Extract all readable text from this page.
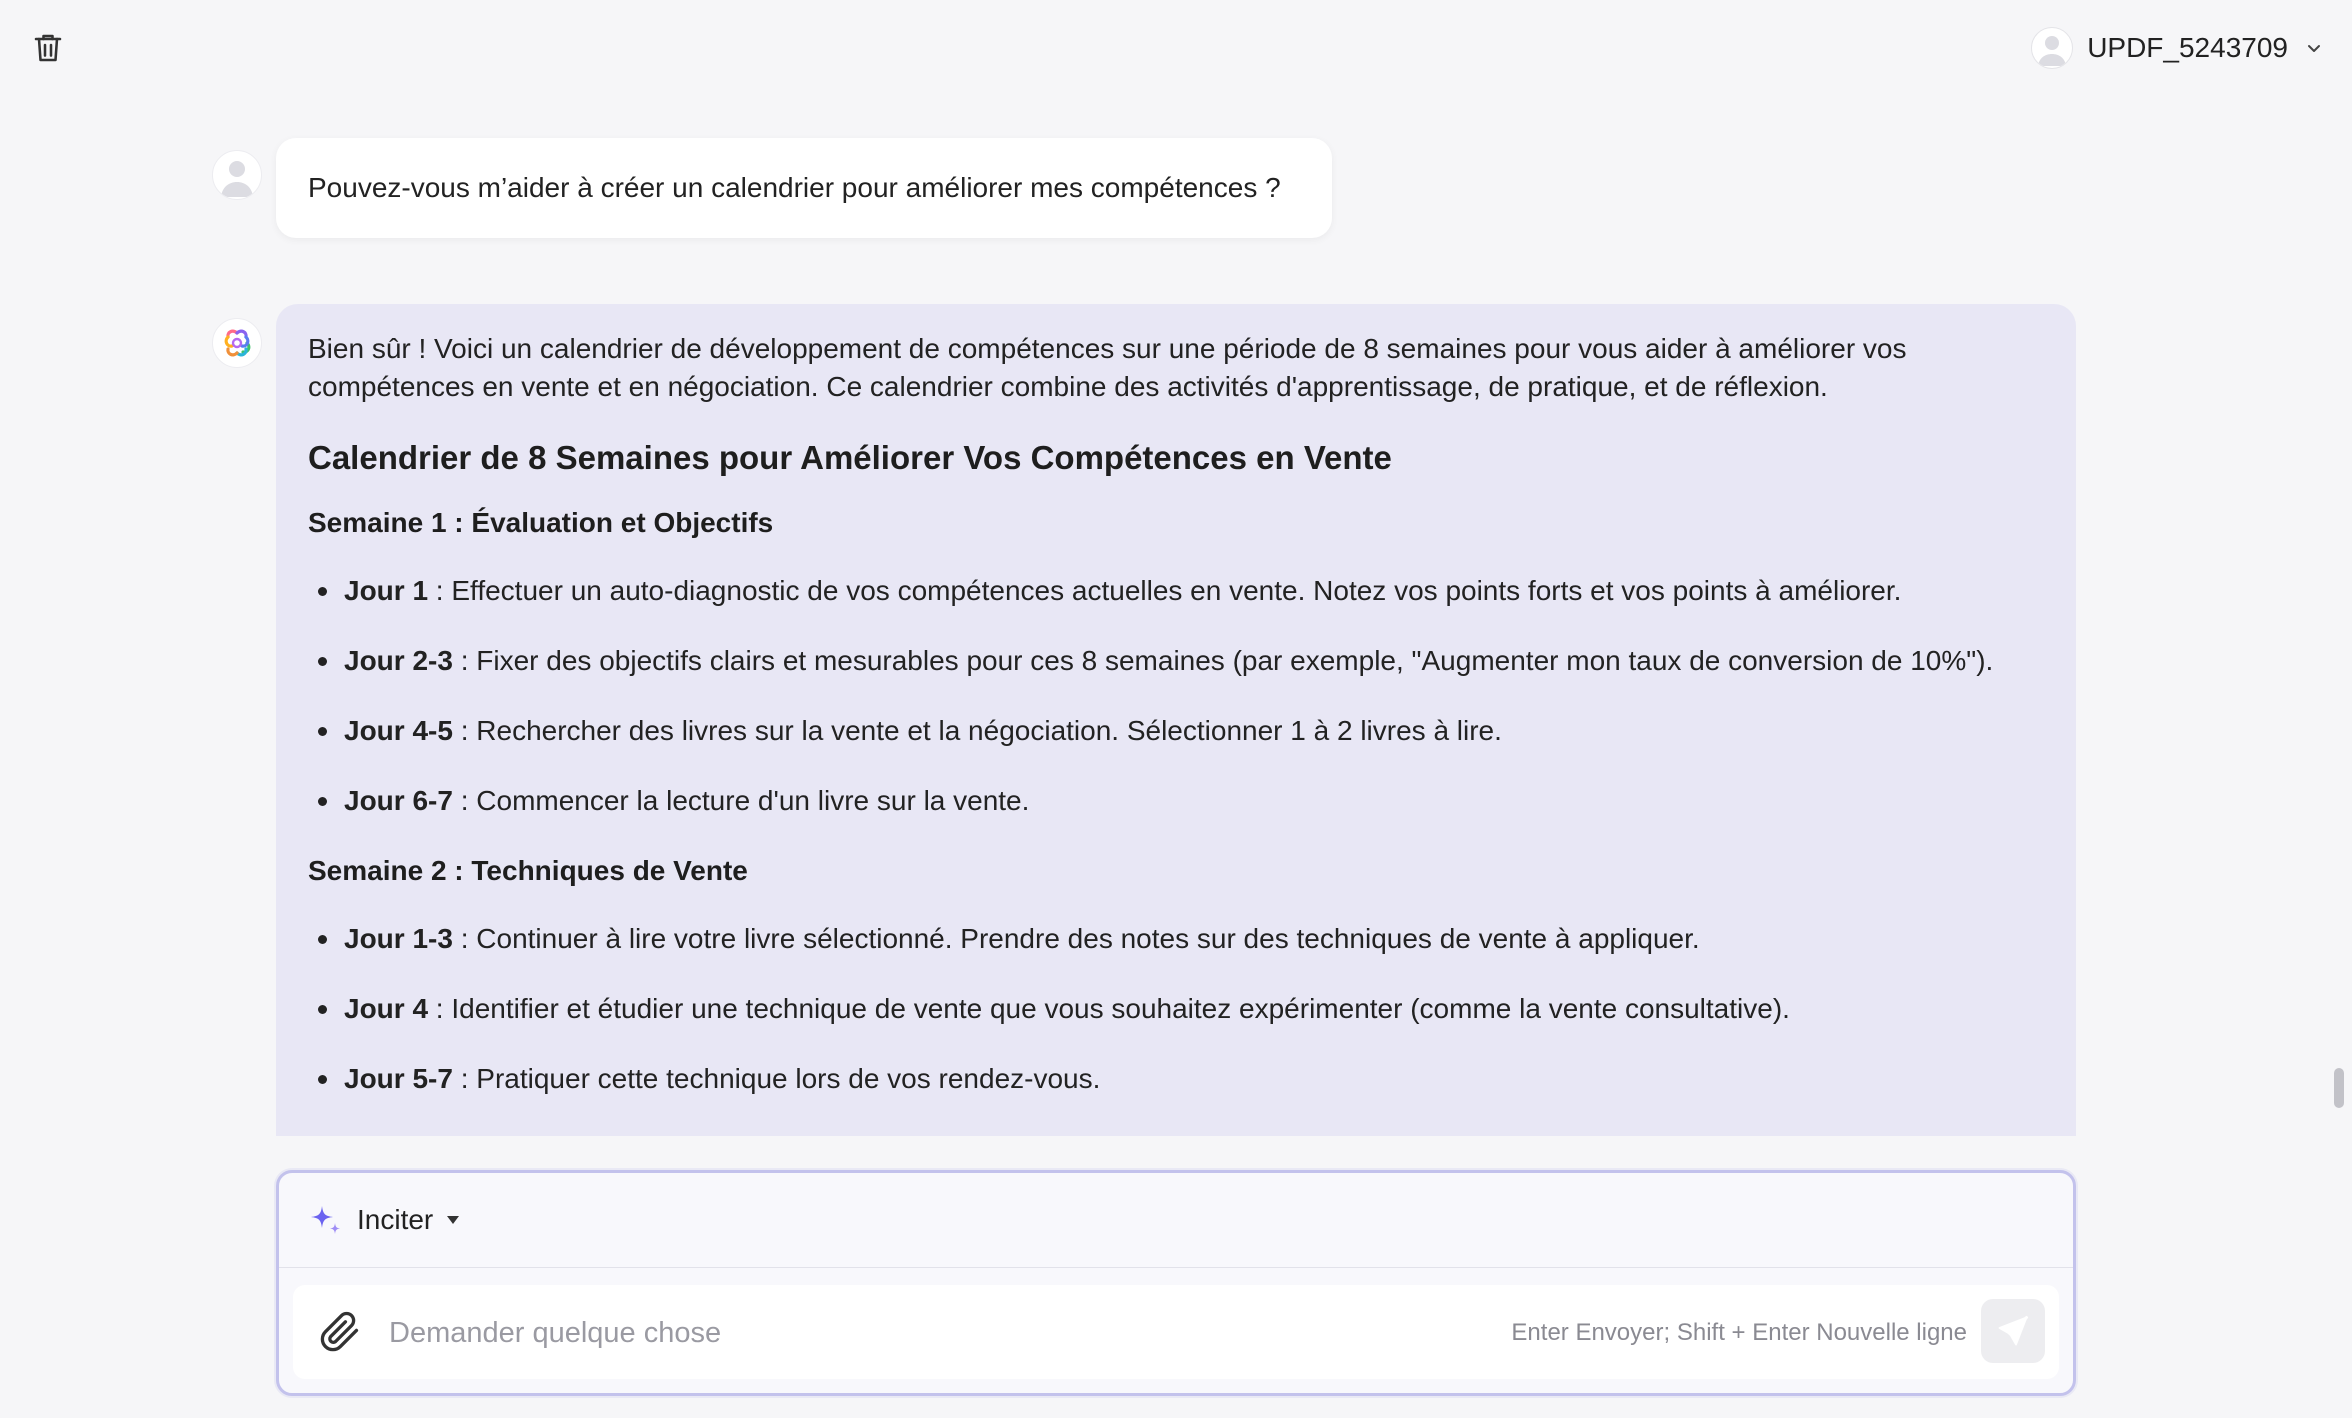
UPDF_5243709
Pouvez-vous m’aider à créer un calendrier pour améliorer mes compétences ?

Bien sûr ! Voici un calendrier de développement de compétences sur une période de 8 semaines pour vous aider à améliorer vos compétences en vente et en négociation. Ce calendrier combine des activités d'apprentissage, de pratique, et de réflexion.

Calendrier de 8 Semaines pour Améliorer Vos Compétences en Vente
Semaine 1 : Évaluation et Objectifs
Jour 1 : Effectuer un auto-diagnostic de vos compétences actuelles en vente. Notez vos points forts et vos points à améliorer.
Jour 2-3 : Fixer des objectifs clairs et mesurables pour ces 8 semaines (par exemple, "Augmenter mon taux de conversion de 10%").
Jour 4-5 : Rechercher des livres sur la vente et la négociation. Sélectionner 1 à 2 livres à lire.
Jour 6-7 : Commencer la lecture d'un livre sur la vente.
Semaine 2 : Techniques de Vente
Jour 1-3 : Continuer à lire votre livre sélectionné. Prendre des notes sur des techniques de vente à appliquer.
Jour 4 : Identifier et étudier une technique de vente que vous souhaitez expérimenter (comme la vente consultative).
Jour 5-7 : Pratiquer cette technique lors de vos rendez-vous.
Inciter
Demander quelque chose
Enter Envoyer; Shift + Enter Nouvelle ligne
